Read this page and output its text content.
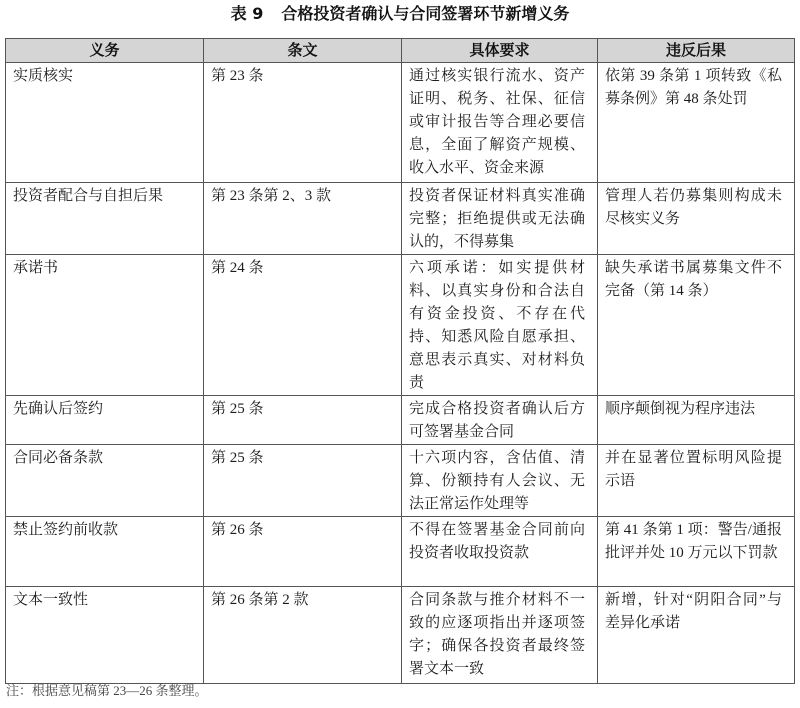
表 9 合格投资者确认与合同签署环节新增义务
义务	条文	具体要求	违反后果
实质核实	第 23 条	通过核实银行流水、资产证明、税务、社保、征信或审计报告等合理必要信息，全面了解资产规模、收入水平、资金来源	依第 39 条第 1 项转致《私募条例》第 48 条处罚
投资者配合与自担后果	第 23 条第 2、3 款	投资者保证材料真实准确完整；拒绝提供或无法确认的，不得募集	管理人若仍募集则构成未尽核实义务
承诺书	第 24 条	六项承诺：如实提供材料、以真实身份和合法自有资金投资、不存在代持、知悉风险自愿承担、意思表示真实、对材料负责	缺失承诺书属募集文件不完备（第 14 条）
先确认后签约	第 25 条	完成合格投资者确认后方可签署基金合同	顺序颠倒视为程序违法
合同必备条款	第 25 条	十六项内容，含估值、清算、份额持有人会议、无法正常运作处理等	并在显著位置标明风险提示语
禁止签约前收款	第 26 条	不得在签署基金合同前向投资者收取投资款	第 41 条第 1 项：警告/通报批评并处 10 万元以下罚款
文本一致性	第 26 条第 2 款	合同条款与推介材料不一致的应逐项指出并逐项签字；确保各投资者最终签署文本一致	新增，针对“阴阳合同”与差异化承诺
注：根据意见稿第 23—26 条整理。
